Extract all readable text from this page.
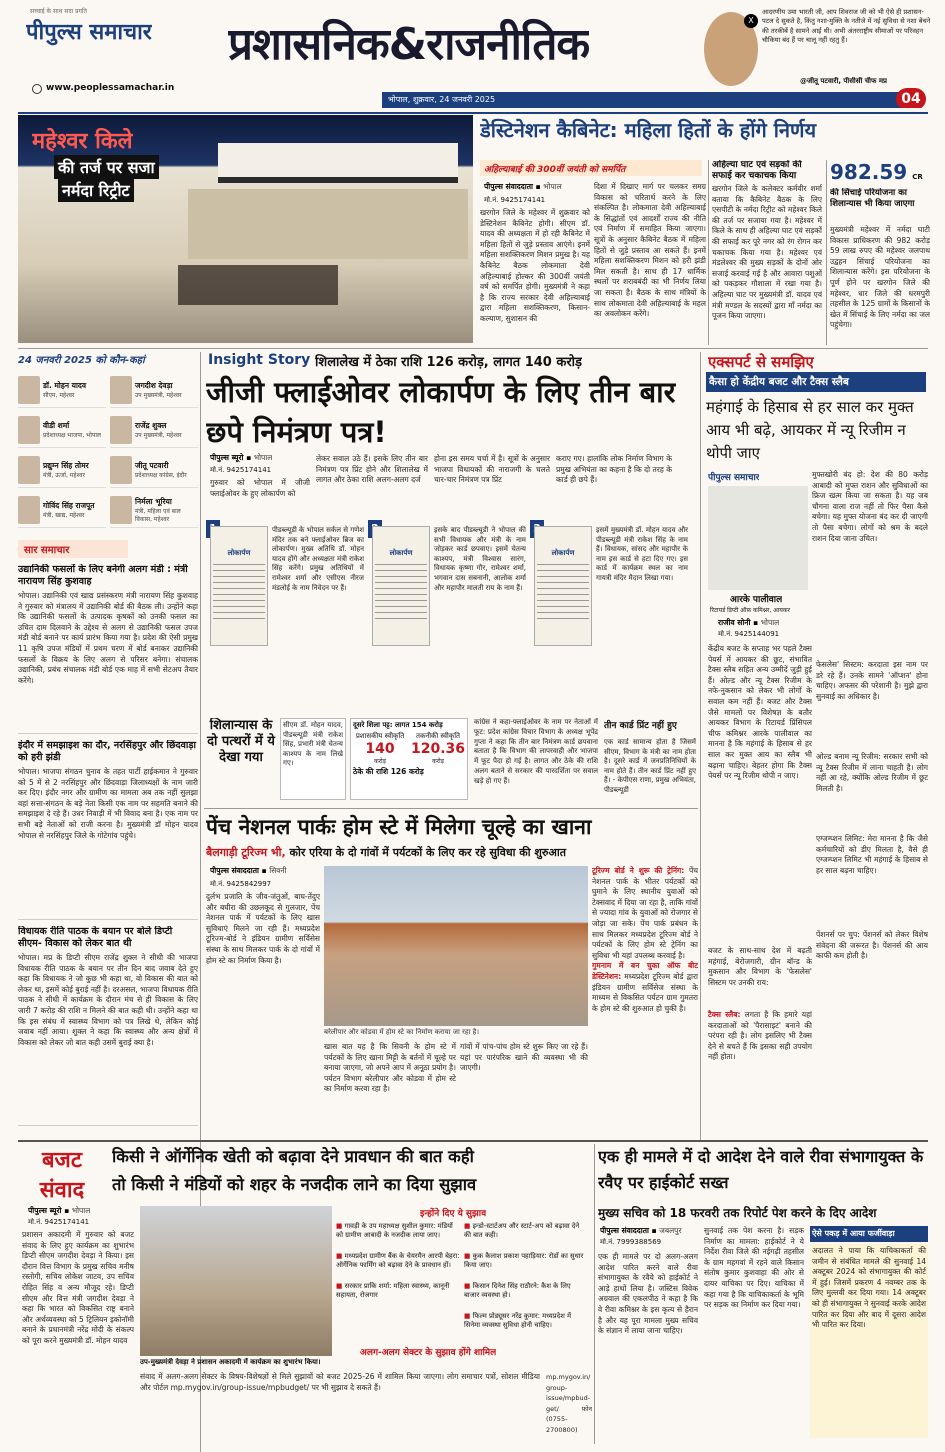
सच्चाई के साथ सदा प्रगति
पीपुल्स समाचार प्रशासनिक&राजनीतिक
www.peoplessamachar.in
भोपाल, शुक्रवार, 24 जनवरी 2025	04
X
आदरणीय उमा भारती जी, आप शिवराज जी को भी ऐसे ही प्रशासन-पटल दे सुकते है, किंतु नशा-मुक्ति के नतीजे में नई सुविधा से नशा बेचने की तरकीबें है सामने आईं थी। अभी अंतरराष्ट्रीय सीमाओं पर परिवहन चौकिया बंद हैं पर चालू नहीं रहतु हैं।
@जीतू पटवारी, पीसीसी चीफ मप्र
महेश्वर किले
की तर्ज पर सजा
नर्मदा रिट्रीट
डेस्टिनेशन कैबिनेट: महिला हितों के होंगे निर्णय
अहिल्याबाई की 300वीं जयंती को समर्पित
पीपुल्स संवाददाता ▪ भोपाल
मो.नं. 9425174141
खरगोन जिले के महेश्वर में शुक्रवार को डेस्टिनेशन कैबिनेट होगी। सीएम डॉ. यादव की अध्यक्षता में हो रही कैबिनेट में महिला हितों से जुड़े प्रस्ताव आएंगे। इनमें महिला सशक्तिकरण मिशन प्रमुख है। यह कैबिनेट बैठक लोकमाता देवी अहिल्याबाई होल्कर की 300वीं जयंती वर्ष को समर्पित होगी। मुख्यमंत्री ने कहा है कि राज्य सरकार देवी अहिल्याबाई द्वारा महिला सशक्तिकरण, किसान-कल्याण, सुशासन की
दिशा में दिखाए मार्ग पर चलकर समग्र विकास को चरितार्थ करने के लिए संकल्पित है। लोकमाता देवी अहिल्याबाई के सिद्धांतों एवं आदर्शों राज्य की नीति एवं निर्माण में समाहित किया जाएगा। सूत्रों के अनुसार कैबिनेट बैठक में महिला हितों से जुड़े प्रस्ताव आ सकते हैं। इनमें महिला सशक्तिकरण मिशन को हरी झंडी मिल सकती है। साथ ही 17 धार्मिक स्थलों पर शराबबंदी का भी निर्णय लिया जा सकता है। बैठक के साथ मंत्रियों के साथ लोकमाता देवी अहिल्याबाई के महल का अवलोकन करेंगे।
अहिल्या घाट एवं सड़कों की सफाई कर चकाचक किया
खरगोन जिले के कलेक्टर कर्मवीर शर्मा बताया कि कैबिनेट बैठक के लिए एसपीटी के नर्मदा रिट्रीट को महेश्वर किले की तर्ज पर सजाया गया है। महेश्वर में किले के साथ ही अहिल्या घाट एवं सड़कों की सफाई कर पूरे नगर को रंग रोगन कर चकाचक किया गया है। महेश्वर एवं मंडलेश्वर की मुख्य सड़कों के दोनों ओर सजाई करवाई गई है और आवारा पशुओं को पकड़कर गौशाला में रखा गया है। अहिल्या घाट पर मुख्यमंत्री डॉ. यादव एवं मंत्री मण्डल के सदस्यों द्वारा माँ नर्मदा का पूजन किया जाएगा।
982.59 CR
की सिंचाई परियोजना का शिलान्यास भी किया जाएगा
मुख्यमंत्री महेश्वर में नर्मदा घाटी विकास प्राधिकरण की 982 करोड़ 59 लाख रुपए की महेश्वर जलपाथ उद्वहन सिंचाई परियोजना का शिलान्यास करेंगे। इस परियोजना के पूर्ण होने पर खरगोन जिले की महेश्वर, धार जिले की धरमपुरी तहसील के 125 ग्रामों के किसानों के खेत में सिंचाई के लिए नर्मदा का जल पहुंचेगा।
24 जनवरी 2025 को कौन-कहां
डॉ. मोहन यादव
सीएम, महेश्वर
जगदीश देवड़ा
उप मुख्यमंत्री, महेश्वर
वीडी शर्मा
प्रदेशाध्यक्ष भाजपा, भोपाल
राजेंद्र शुक्ल
उप मुख्यमंत्री, महेश्वर
प्रद्युम्न सिंह तोमर
मंत्री, ऊर्जा, महेश्वर
जीतू पटवारी
प्रदेशाध्यक्ष कांग्रेस, इंदौर
गोविंद सिंह राजपूत
मंत्री, खाद्य, महेश्वर
निर्मला भूरिया
मंत्री, महिला एवं बाल विकास, महेश्वर
सार समाचार
उद्यानिकी फसलों के लिए बनेगी अलग मंडी : मंत्री नारायण सिंह कुशवाह
भोपाल। उद्यानिकी एवं खाद्य प्रसंस्करण मंत्री नारायण सिंह कुशवाह ने गुरुवार को मंत्रालय में उद्यानिकी बोर्ड की बैठक ली। उन्होंने कहा कि उद्यानिकी फसलों के उत्पादक कृषकों को उनकी फसल का उचित दाम दिलवाने के उद्देश्य से अलग से उद्यानिकी फसल उपज मंडी बोर्ड बनाने पर कार्य प्रारंभ किया गया है। प्रदेश की ऐसी प्रमुख 11 कृषि उपज मंडियों में प्रथम चरण में बोर्ड बनाकर उद्यानिकी फसलों के विक्रय के लिए अलग से परिसर बनेगा। संचालक उद्यानिकी, प्रबंध संचालक मंडी बोर्ड एक माह में सभी सेटअप तैयार करेंगे।
इंदौर में समझाइश का दौर, नरसिंहपुर और छिंदवाड़ा को हरी झंडी
भोपाल। भाजपा संगठन चुनाव के तहत पार्टी हाईकमान ने गुरुवार को 5 में से 2 नरसिंहपुर और छिंदवाड़ा जिलाध्यक्षों के नाम जारी कर दिए। इंदौर नगर और ग्रामीण का मामला अब तक नहीं सुलझा वहां सत्ता-संगठन के बड़े नेता किसी एक नाम पर सहमति बनाने की समझाइश दे रहे हैं। उधर निवाड़ी में भी विवाद बना है। एक नाम पर सभी बड़े नेताओं को राजी करना है। मुख्यमंत्री डॉ मोहन यादव भोपाल से नरसिंहपुर जिले के गोटेगांव पहुंचे।
विधायक रीति पाठक के बयान पर बोले डिप्टी सीएम- विकास को लेकर बात थी
भोपाल। मप्र के डिप्टी सीएम राजेंद्र शुक्ल ने सीधी की भाजपा विधायक रीति पाठक के बयान पर तीन दिन बाद जवाब देते हुए कहा कि विधायक ने जो कुछ भी कहा था, वो विकास की बात को लेकर था, इसमें कोई बुराई नहीं है। दरअसल, भाजपा विधायक रीति पाठक ने सीधी में कार्यक्रम के दौरान मंच से ही विकास के लिए जारी 7 करोड़ की राशि न मिलने की बात कही थी। उन्होंने कहा था कि इस संबंध में स्वास्थ्य विभाग को पत्र लिखे थे, लेकिन कोई जवाब नहीं आया। शुक्ल ने कहा कि स्वास्थ्य और अन्य क्षेत्रों में विकास को लेकर जो बात कही उसमें बुराई क्या है।
Insight Story शिलालेख में ठेका राशि 126 करोड़, लागत 140 करोड़
जीजी फ्लाईओवर लोकार्पण के लिए तीन बार छपे निमंत्रण पत्र!
पीपुल्स ब्यूरो ▪ भोपाल
मो.नं. 9425174141
गुरुवार को भोपाल में जीजी फ्लाईओवर के हुए लोकार्पण को
लेकर सवाल उठे हैं। इसके लिए तीन बार निमंत्रण पत्र प्रिंट होने और शिलालेख में लागत और ठेका राशि अलग-अलग दर्ज
होना इस समय चर्चा में है। सूत्रों के अनुसार भाजपा विधायकों की नाराजगी के चलते चार-चार निमंत्रण पत्र प्रिंट
कराए गए। हालांकि लोक निर्माण विभाग के प्रमुख अभियंता का कहना है कि दो तरह के कार्ड ही छपे हैं।
लोकार्पण
पीडब्ल्यूडी के भोपाल सर्कल से गणेश मंदिर तक बने फ्लाईओवर ब्रिज का लोकार्पण। मुख्य अतिथि डॉ. मोहन यादव होंगे और अध्यक्षता मंत्री राकेश सिंह करेंगे। प्रमुख अतिथियों में रामेश्वर शर्मा और एसीएस नीरज मंडलोई के नाम निवेदन पर हैं।
लोकार्पण
इसके बाद पीडब्ल्यूडी ने भोपाल की सभी विधायक और मंत्री के नाम जोड़कर कार्ड छपवाए। इसमें चेतन्य काश्यप, मंत्री विश्वास सारंग, विधायक कृष्णा गौर, रामेश्वर शर्मा, भगवान दास सबनानी, आलोक शर्मा और महापौर मालती राय के नाम हैं।
लोकार्पण
इसमें मुख्यमंत्री डॉ. मोहन यादव और पीडब्ल्यूडी मंत्री राकेश सिंह के नाम हैं। विधायक, सांसद और महापौर के नाम इस कार्ड से हटा दिए गए। इस कार्ड में कार्यक्रम स्थल का नाम गायत्री मंदिर मैदान लिखा गया।
शिलान्यास के दो पत्थरों में ये देखा गया
सीएम डॉ. मोहन यादव, पीडब्ल्यूडी मंत्री राकेश सिंह, प्रभारी मंत्री चेतन्य काश्यप के नाम लिखे गए।
दूसरे शिला पट्ट: लागत 154 करोड़
प्रशासकीय स्वीकृति
140
करोड़
तकनीकी स्वीकृति
120.36
करोड़
ठेके की राशि 126 करोड़
कांग्रेस ने कहा-फ्लाईओवर के नाम पर नेताओं में फूट: प्रदेश कांग्रेस विचार विभाग के अध्यक्ष भूपेंद्र गुप्ता ने कहा कि तीन बार निमंत्रण कार्ड छपवाना बताता है कि विभाग की लापरवाही और भाजपा में फूट पैदा हो गई है। लागत और ठेके की राशि अलग बताने से सरकार की पारदर्शिता पर सवाल खड़े हो गए हैं।
तीन कार्ड प्रिंट नहीं हुए
एक कार्ड सामान्य होता है जिसमें सीएम, विभाग के मंत्री का नाम होता है। दूसरे कार्ड में जनप्रतिनिधियों के नाम होते हैं। तीन कार्ड प्रिंट नहीं हुए हैं। - केपीएस राणा, प्रमुख अभियंता, पीडब्ल्यूडी
एक्सपर्ट से समझिए
कैसा हो केंद्रीय बजट और टैक्स स्लैब
महंगाई के हिसाब से हर साल कर मुक्त आय भी बढ़े, आयकर में न्यू रिजीम न थोपी जाए
पीपुल्स समाचार
आरके पालीवाल
रिटायर्ड डिप्टी ऑफ़ कमिश्नर, आयकर
राजीव सोनी ▪ भोपाल
मो.नं. 9425144091
मुफ्तखोरी बंद हो: देश की 80 करोड़ आबादी को मुफ्त राशन और सुविधाओं का फ्रिज खत्म किया जा सकता है। यह जब चौगना वाला राज नहीं तो फिर पैसा कैसे बचेगा। यह मुफ्त योजना बंद कर दी जाएगी तो पैसा बचेगा। लोगों को श्रम के बदले राशन दिया जाना उचित।
केंद्रीय बजट के सप्ताह भर पहले टैक्स पेयर्स में आयकर की छूट, संभावित टैक्स स्लैब सहित अन्य उम्मीदें जुड़ी हुई हैं। ओल्ड और न्यू टैक्स रिजीम के नफे-नुकसान को लेकर भी लोगों के सवाल कम नहीं हैं। बजट और टैक्स जैसे मामलों पर विशेषज्ञ के बतौर आयकर विभाग के रिटायर्ड प्रिंसिपल चीफ कमिश्नर आरके पालीवाल का मानना है कि महंगाई के हिसाब से हर साल कर मुक्त आय का स्लैब भी बढ़ाना चाहिए। बेहतर होगा कि टैक्स पेयर्स पर न्यू रिजीम थोपी न जाए।
फेसलेस' सिस्टम: करदाता इस नाम पर डरे रहे हैं। उनके सामने 'ऑप्शन' होना चाहिए। अफसर की परेशानी है। मुझे द्वारा सुनवाई का अधिकार है।
ओल्ड बनाम न्यू रिजीम: सरकार सभी को न्यू टैक्स रिजीम में लाना चाहती है। लोग नहीं आ रहे, क्योंकि ओल्ड रिजीम में छूट मिलती है।
एग्जम्प्शन लिमिट: मेरा मानना है कि जैसे कर्मचारियों को डीए मिलता है, वैसे ही एग्जम्प्शन लिमिट भी महंगाई के हिसाब से हर साल बढ़ना चाहिए।
बजट के साथ-साथ देश में बढ़ती महंगाई, बेरोजगारी, ग्रीन बॉन्ड के मुकसान और विभाग के 'फेसलेस' सिस्टम पर उनकी राय:
टैक्स स्लैब: लगता है कि हमारे यहां करदाताओं को 'पैरासाइट' बनाने की परंपरा रही है। लोग इसलिए भी टैक्स देने से बचते हैं कि इसका सही उपयोग नहीं होता।
पेंशनर्स पर चुप: पेंशनर्स को लेकर विशेष संवेदना की जरूरत है। पेंशनर्स की आय काफी कम होती है।
पेंच नेशनल पार्कः होम स्टे में मिलेगा चूल्हे का खाना
बैलगाड़ी टूरिज्म भी, कोर एरिया के दो गांवों में पर्यटकों के लिए कर रहे सुविधा की शुरुआत
पीपुल्स संवाददाता ▪ सिवनी
मो.नं. 9425842997
बरेलीपार और कोडवा में होम स्टे का निर्माण कराया जा रहा है।
दुर्लभ प्रजाति के जीव-जंतुओं, बाघ-तेंदुए और बघीरा की उछलकूद से गुलजार, पेंच नेशनल पार्क में पर्यटकों के लिए खास सुविधाएं मिलने जा रही हैं। मध्यप्रदेश टूरिज्म-बोर्ड ने इंडियन ग्रामीण सर्विसेस संस्था के साथ मिलकर पार्क के दो गांवों में होम स्टे का निर्माण किया है।
खास बात यह है कि सिवनी के होम स्टे में पर्यटकों के लिए खाना मिट्टी के बर्तनों में चूल्हे पर बनाया जाएगा, जो अपने आप में अनूठा प्रयोग है। पर्यटन विभाग बरेलीपार और कोडवा में होम स्टे का निर्माण करवा रहा है।
गांवों में पांच-पांच होम स्टे शुरू किए जा रहे हैं। यहां पर पारंपरिक खाने की व्यवस्था भी की जाएगी।
टूरिज्म बोर्ड ने शुरू की ट्रेनिंग: पेंच नेशनल पार्क के भीतर पर्यटकों को घुमाने के लिए स्थानीय युवाओं को टेक्सवाद में दिया जा रहा है, ताकि गांवों से ज्यादा गांव के युवाओं को रोजगार से जोड़ा जा सके। पेंच पार्क प्रबंधन के साथ मिलकर मध्यप्रदेश टूरिज्म बोर्ड ने पर्यटकों के लिए होम स्टे ट्रेनिंग का सुविधा भी यहां उपलब्ध करवाई है।
गुमनाम में बन चुका ऑफ बीट डेस्टिनेशन: मध्यप्रदेश टूरिज्म बोर्ड द्वारा इंडियन ग्रामीण सर्विसेज संस्था के माध्यम से विकसित पर्यटन ग्राम गुमतरा के होम स्टे की शुरुआत हो चुकी है।
बजट
संवाद
किसी ने ऑर्गेनिक खेती को बढ़ावा देने प्रावधान की बात कही
तो किसी ने मंडियों को शहर के नजदीक लाने का दिया सुझाव
पीपुल्स ब्यूरो ▪ भोपाल
मो.नं. 9425174141
प्रशासन अकादमी में गुरुवार को बजट संवाद के लिए हुए कार्यक्रम का शुभारंभ डिप्टी सीएम जगदीश देवड़ा ने किया। इस दौरान वित्त विभाग के प्रमुख सचिव मनीष रस्तोगी, सचिव लोकेश जाटव, उप सचिव रोहित सिंह व अन्य मौजूद रहे। डिप्टी सीएम और वित्त मंत्री जगदीश देवड़ा ने कहा कि भारत को विकसित राष्ट्र बनाने और अर्थव्यवस्था को 5 ट्रिलियन इकोनॉमी बनाने के प्रधानमंत्री नरेंद्र मोदी के संकल्प को पूरा करने मुख्यमंत्री डॉ. मोहन यादव
उप-मुख्यमंत्री देवड़ा ने प्रशासन अकादमी में कार्यक्रम का शुभारंभ किया।
इन्होंने दिए ये सुझाव
■ गावड़ी के उप महाध्यक्ष सुशील कुमार: मंडियों को ग्रामीण आबादी के नजदीक लाया जाए।
■ मध्यप्रदेश ग्रामीण बैंक के चेयरमैन आरपी बेहरा: ऑर्गेनिक फार्मिंग को बढ़ावा देने के प्रावधान हों।
■ सरकार प्राकि शर्मा: महिला स्वास्थ्य, कानूनी सहायता, रोजगार
■ इन्डो-स्टार्टअप और स्टार्ट-अप को बढ़ावा देने की बात कही।
■ कुक कैलाश प्रकाश पहाड़ियार: रोडों का सुधार किया जाए।
■ किसान दिनेश सिंह राठौरने: कैश के लिए बाजार व्यवस्था हो।
■ फिल्म प्रोड्यूसर नरेंद्र कुमार: मध्यप्रदेश में सिनेमा व्यवस्था सुविधा होनी चाहिए।
अलग-अलग सेक्टर के सुझाव होंगे शामिल
संवाद में अलग-अलग सेक्टर के विषय-विशेषज्ञों से मिले सुझावों को बजट 2025-26 में शामिल किया जाएगा। लोग समाचार पत्रों, सोशल मीडिया और पोर्टल mp.mygov.in/group-issue/mpbudget/ पर भी सुझाव दे सकते हैं।
mp.mygov.in/ group-issue/mpbud-get/ फ़ोन (0755-2700800)
एक ही मामले में दो आदेश देने वाले रीवा संभागायुक्त के रवैए पर हाईकोर्ट सख्त
मुख्य सचिव को 18 फरवरी तक रिपोर्ट पेश करने के दिए आदेश
पीपुल्स संवाददाता ▪ जबलपुर
मो.नं. 7999388569
एक ही मामले पर दो अलग-अलग आदेश पारित करने वाले रीवा संभागायुक्त के रवैये को हाईकोर्ट ने आड़े हाथों लिया है। जस्टिस विवेक अग्रवाल की एकलपीठ ने कहा है कि वे रीवा कमिश्नर के इस कृत्य से हैरान है और यह पूरा मामला मुख्य सचिव के संज्ञान में लाया जाना चाहिए।
सुनवाई तक पेश करना है। सड़क निर्माण का मामला: हाईकोर्ट ने ये निर्देश रीवा जिले की नईगढ़ी तहसील के ग्राम महगवां में रहने वाले किसान संतोष कुमार कुशवाहा की ओर से दायर याचिका पर दिए। याचिका में कहा गया है कि याचिकाकर्ता के भूमि पर सड़क का निर्माण कर दिया गया।
ऐसे पकड़ में आया फर्जीवाड़ा
अदालत ने पाया कि याचिकाकर्ता की जमीन से संबंधित मामले की सुनवाई 14 अक्टूबर 2024 को संभागायुक्त की कोर्ट में हुई। जिसमें प्रकरण 4 नवम्बर तक के लिए मुल्तवी कर दिया गया। 14 अक्टूबर को ही संभागायुक्त ने सुनवाई करके आदेश पारित कर दिया और बाद में दूसरा आदेश भी पारित कर दिया।
